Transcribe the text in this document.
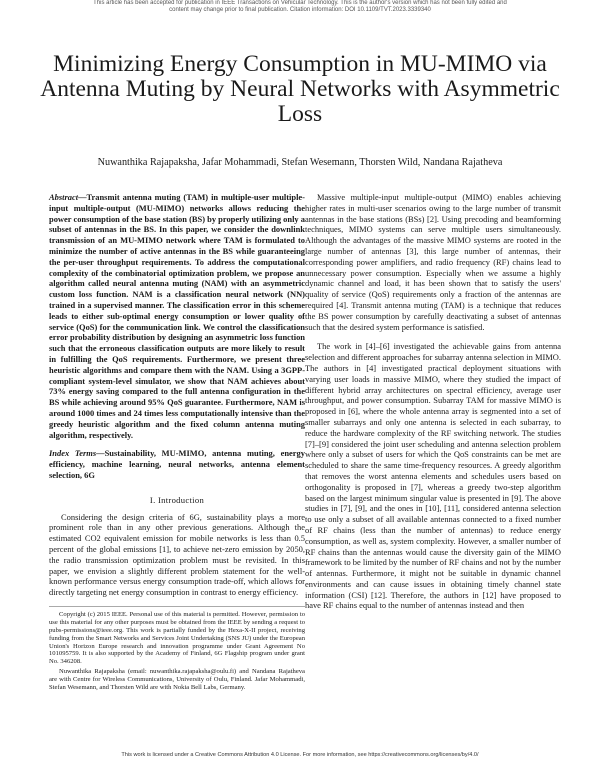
This article has been accepted for publication in IEEE Transactions on Vehicular Technology. This is the author's version which has not been fully edited and
content may change prior to final publication. Citation information: DOI 10.1109/TVT.2023.3339340
Minimizing Energy Consumption in MU-MIMO via Antenna Muting by Neural Networks with Asymmetric Loss
Nuwanthika Rajapaksha, Jafar Mohammadi, Stefan Wesemann, Thorsten Wild, Nandana Rajatheva

Abstract—Transmit antenna muting (TAM) in multiple-user multiple-input multiple-output (MU-MIMO) networks allows reducing the power consumption of the base station (BS) by properly utilizing only a subset of antennas in the BS. In this paper, we consider the downlink transmission of an MU-MIMO network where TAM is formulated to minimize the number of active antennas in the BS while guaranteeing the per-user throughput requirements. To address the computational complexity of the combinatorial optimization problem, we propose an algorithm called neural antenna muting (NAM) with an asymmetric custom loss function. NAM is a classification neural network (NN) trained in a supervised manner. The classification error in this scheme leads to either sub-optimal energy consumption or lower quality of service (QoS) for the communication link. We control the classification error probability distribution by designing an asymmetric loss function such that the erroneous classification outputs are more likely to result in fulfilling the QoS requirements. Furthermore, we present three heuristic algorithms and compare them with the NAM. Using a 3GPP-compliant system-level simulator, we show that NAM achieves about 73% energy saving compared to the full antenna configuration in the BS while achieving around 95% QoS guarantee. Furthermore, NAM is around 1000 times and 24 times less computationally intensive than the greedy heuristic algorithm and the fixed column antenna muting algorithm, respectively.

Index Terms—Sustainability, MU-MIMO, antenna muting, energy efficiency, machine learning, neural networks, antenna element selection, 6G

I. Introduction

Considering the design criteria of 6G, sustainability plays a more prominent role than in any other previous generations. Although the estimated CO2 equivalent emission for mobile networks is less than 0.5 percent of the global emissions [1], to achieve net-zero emission by 2050, the radio transmission optimization problem must be revisited. In this paper, we envision a slightly different problem statement for the well-known performance versus energy consumption trade-off, which allows for directly targeting net energy consumption in contrast to energy efficiency.

Copyright (c) 2015 IEEE. Personal use of this material is permitted. However, permission to use this material for any other purposes must be obtained from the IEEE by sending a request to pubs-permissions@ieee.org. This work is partially funded by the Hexa-X-II project, receiving funding from the Smart Networks and Services Joint Undertaking (SNS JU) under the European Union's Horizon Europe research and innovation programme under Grant Agreement No 101095759. It is also supported by the Academy of Finland, 6G Flagship program under grant No. 346208.

Nuwanthika Rajapaksha (email: nuwanthika.rajapaksha@oulu.fi) and Nandana Rajatheva are with Centre for Wireless Communications, University of Oulu, Finland. Jafar Mohammadi, Stefan Wesemann, and Thorsten Wild are with Nokia Bell Labs, Germany.

Massive multiple-input multiple-output (MIMO) enables achieving higher rates in multi-user scenarios owing to the large number of transmit antennas in the base stations (BSs) [2]. Using precoding and beamforming techniques, MIMO systems can serve multiple users simultaneously. Although the advantages of the massive MIMO systems are rooted in the large number of antennas [3], this large number of antennas, their corresponding power amplifiers, and radio frequency (RF) chains lead to unnecessary power consumption. Especially when we assume a highly dynamic channel and load, it has been shown that to satisfy the users' quality of service (QoS) requirements only a fraction of the antennas are required [4]. Transmit antenna muting (TAM) is a technique that reduces the BS power consumption by carefully deactivating a subset of antennas such that the desired system performance is satisfied.

The work in [4]–[6] investigated the achievable gains from antenna selection and different approaches for subarray antenna selection in MIMO. The authors in [4] investigated practical deployment situations with varying user loads in massive MIMO, where they studied the impact of different hybrid array architectures on spectral efficiency, average user throughput, and power consumption. Subarray TAM for massive MIMO is proposed in [6], where the whole antenna array is segmented into a set of smaller subarrays and only one antenna is selected in each subarray, to reduce the hardware complexity of the RF switching network. The studies [7]–[9] considered the joint user scheduling and antenna selection problem where only a subset of users for which the QoS constraints can be met are scheduled to share the same time-frequency resources. A greedy algorithm that removes the worst antenna elements and schedules users based on orthogonality is proposed in [7], whereas a greedy two-step algorithm based on the largest minimum singular value is presented in [9]. The above studies in [7], [9], and the ones in [10], [11], considered antenna selection to use only a subset of all available antennas connected to a fixed number of RF chains (less than the number of antennas) to reduce energy consumption, as well as, system complexity. However, a smaller number of RF chains than the antennas would cause the diversity gain of the MIMO framework to be limited by the number of RF chains and not by the number of antennas. Furthermore, it might not be suitable in dynamic channel environments and can cause issues in obtaining timely channel state information (CSI) [12]. Therefore, the authors in [12] have proposed to have RF chains equal to the number of antennas instead and then

This work is licensed under a Creative Commons Attribution 4.0 License. For more information, see https://creativecommons.org/licenses/by/4.0/
